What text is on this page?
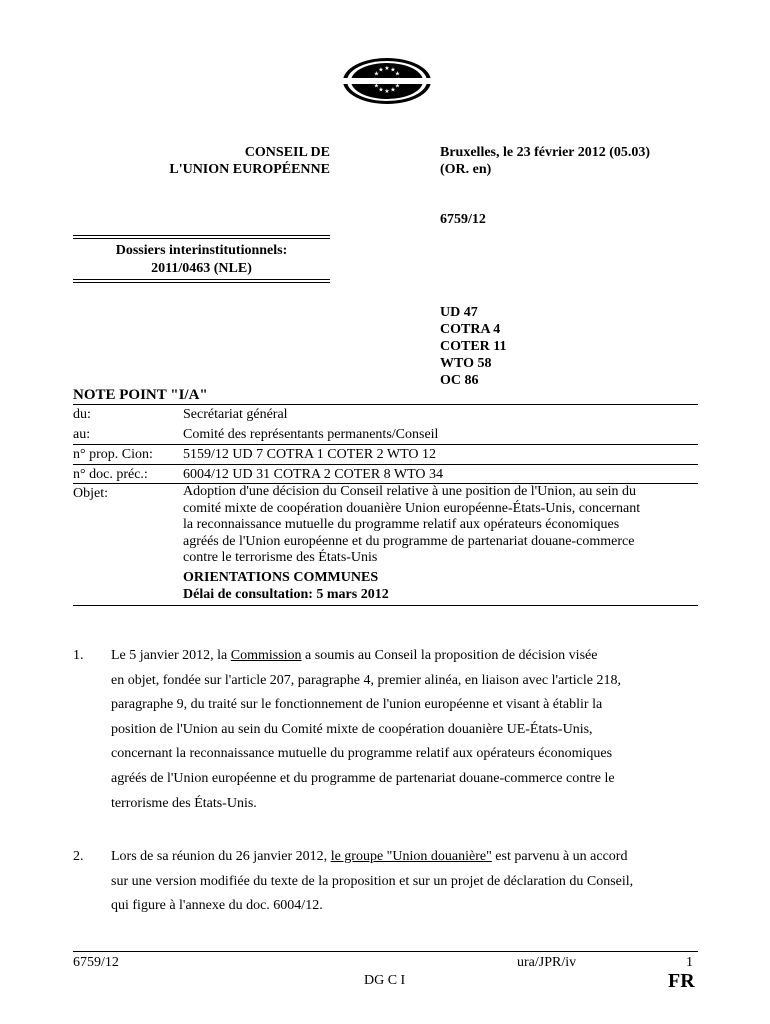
★ ★
★
★
★
★
★
★
★
★
★
★
CONSEIL DE
L'UNION EUROPÉENNE
Bruxelles, le 23 février 2012 (05.03)
(OR. en)
6759/12
Dossiers interinstitutionnels:
2011/0463 (NLE)
UD 47
COTRA 4
COTER 11
WTO 58
OC 86
NOTE POINT "I/A"
du:	Secrétariat général
au:	Comité des représentants permanents/Conseil
n° prop. Cion: 5159/12 UD 7 COTRA 1 COTER 2 WTO 12
n° doc. préc.:	6004/12 UD 31 COTRA 2 COTER 8 WTO 34
Objet:	Adoption d'une décision du Conseil relative à une position de l'Union, au sein du
comité mixte de coopération douanière Union européenne-États-Unis, concernant
la reconnaissance mutuelle du programme relatif aux opérateurs économiques
agréés de l'Union européenne et du programme de partenariat douane-commerce
contre le terrorisme des États-Unis
ORIENTATIONS COMMUNES
Délai de consultation: 5 mars 2012
1. Le 5 janvier 2012, la Commission a soumis au Conseil la proposition de décision visée
en objet, fondée sur l'article 207, paragraphe 4, premier alinéa, en liaison avec l'article 218,
paragraphe 9, du traité sur le fonctionnement de l'union européenne et visant à établir la
position de l'Union au sein du Comité mixte de coopération douanière UE-États-Unis,
concernant la reconnaissance mutuelle du programme relatif aux opérateurs économiques
agréés de l'Union européenne et du programme de partenariat douane-commerce contre le
terrorisme des États-Unis.
2. Lors de sa réunion du 26 janvier 2012, le groupe "Union douanière" est parvenu à un accord
sur une version modifiée du texte de la proposition et sur un projet de déclaration du Conseil,
qui figure à l'annexe du doc. 6004/12.
6759/12	ura/JPR/iv	1
DG C I	FR
